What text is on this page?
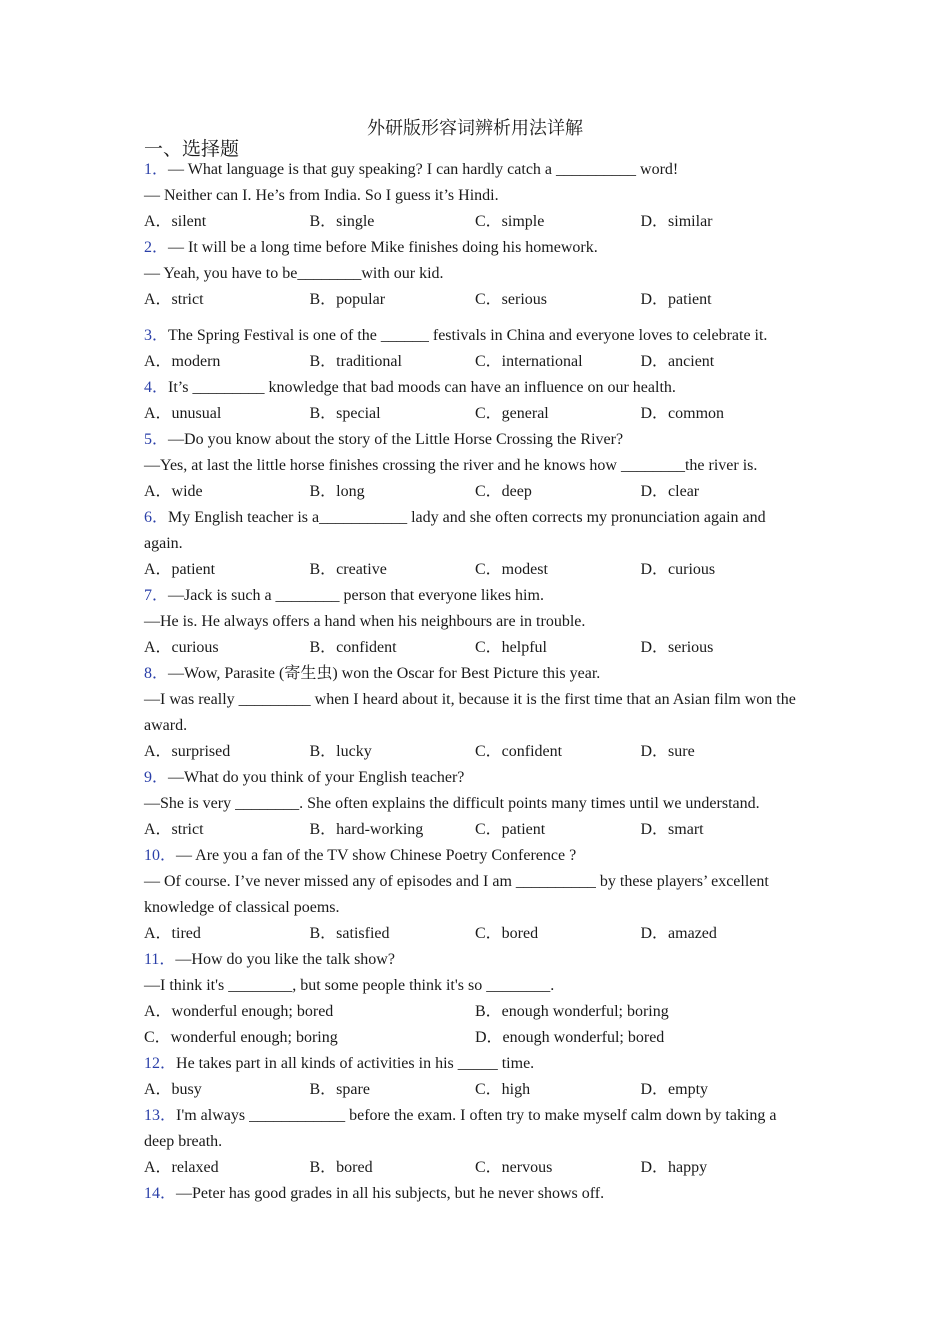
外研版形容词辨析用法详解
一、选择题

1．— What language is that guy speaking? I can hardly catch a __________ word!

— Neither can I. He’s from India. So I guess it’s Hindi.

A．silent	B．single	C．simple	D．similar

2．— It will be a long time before Mike finishes doing his homework.

— Yeah, you have to be________with our kid.

A．strict	B．popular	C．serious	D．patient

3．The Spring Festival is one of the ______ festivals in China and everyone loves to celebrate it.

A．modern	B．traditional	C．international	D．ancient

4．It’s _________ knowledge that bad moods can have an influence on our health.

A．unusual	B．special	C．general	D．common

5．—Do you know about the story of the Little Horse Crossing the River?

—Yes, at last the little horse finishes crossing the river and he knows how ________the river is.

A．wide	B．long	C．deep	D．clear

6．My English teacher is a___________ lady and she often corrects my pronunciation again and again.

A．patient	B．creative	C．modest	D．curious

7．—Jack is such a ________ person that everyone likes him.

—He is. He always offers a hand when his neighbours are in trouble.

A．curious	B．confident	C．helpful	D．serious

8．—Wow, Parasite (寄生虫) won the Oscar for Best Picture this year.

—I was really _________ when I heard about it, because it is the first time that an Asian film won the award.

A．surprised	B．lucky	C．confident	D．sure

9．—What do you think of your English teacher?

—She is very ________. She often explains the difficult points many times until we understand.

A．strict	B．hard-working	C．patient	D．smart

10．— Are you a fan of the TV show Chinese Poetry Conference ?

— Of course. I’ve never missed any of episodes and I am __________ by these players’ excellent knowledge of classical poems.

A．tired	B．satisfied	C．bored	D．amazed

11．—How do you like the talk show?

—I think it's ________, but some people think it's so ________.

A．wonderful enough; bored	B．enough wonderful; boring
C．wonderful enough; boring	D．enough wonderful; bored

12．He takes part in all kinds of activities in his _____ time.

A．busy	B．spare	C．high	D．empty

13．I'm always ____________ before the exam. I often try to make myself calm down by taking a deep breath.

A．relaxed	B．bored	C．nervous	D．happy

14．—Peter has good grades in all his subjects, but he never shows off.
